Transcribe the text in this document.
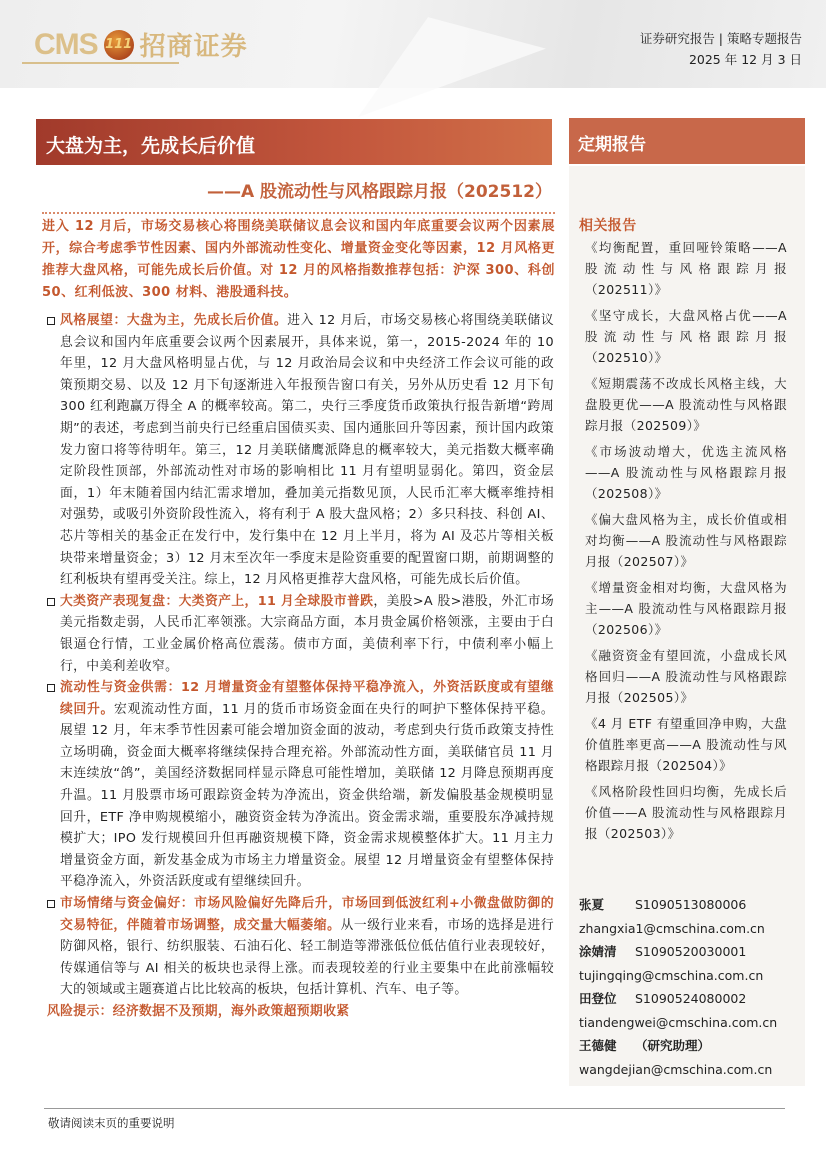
CMS 111 招商证券	证券研究报告 | 策略专题报告
2025 年 12 月 3 日
大盘为主，先成长后价值
——A 股流动性与风格跟踪月报（202512）
定期报告
进入 12 月后，市场交易核心将围绕美联储议息会议和国内年底重要会议两个因素展开，综合考虑季节性因素、国内外部流动性变化、增量资金变化等因素，12 月风格更推荐大盘风格，可能先成长后价值。对 12 月的风格指数推荐包括：沪深 300、科创 50、红利低波、300 材料、港股通科技。
风格展望：大盘为主，先成长后价值。进入 12 月后，市场交易核心将围绕美联储议息会议和国内年底重要会议两个因素展开，具体来说，第一，2015-2024 年的 10 年里，12 月大盘风格明显占优，与 12 月政治局会议和中央经济工作会议可能的政策预期交易、以及 12 月下旬逐渐进入年报预告窗口有关，另外从历史看 12 月下旬 300 红利跑赢万得全 A 的概率较高。第二，央行三季度货币政策执行报告新增“跨周期”的表述，考虑到当前央行已经重启国债买卖、国内通胀回升等因素，预计国内政策发力窗口将等待明年。第三，12 月美联储鹰派降息的概率较大，美元指数大概率确定阶段性顶部，外部流动性对市场的影响相比 11 月有望明显弱化。第四，资金层面，1）年末随着国内结汇需求增加，叠加美元指数见顶，人民币汇率大概率维持相对强势，或吸引外资阶段性流入，将有利于 A 股大盘风格；2）多只科技、科创 AI、芯片等相关的基金正在发行中，发行集中在 12 月上半月，将为 AI 及芯片等相关板块带来增量资金；3）12 月末至次年一季度末是险资重要的配置窗口期，前期调整的红利板块有望再受关注。综上，12 月风格更推荐大盘风格，可能先成长后价值。
大类资产表现复盘：大类资产上，11 月全球股市普跌，美股>A 股>港股，外汇市场美元指数走弱，人民币汇率领涨。大宗商品方面，本月贵金属价格领涨，主要由于白银逼仓行情，工业金属价格高位震荡。债市方面，美债利率下行，中债利率小幅上行，中美利差收窄。
流动性与资金供需：12 月增量资金有望整体保持平稳净流入，外资活跃度或有望继续回升。宏观流动性方面，11 月的货币市场资金面在央行的呵护下整体保持平稳。展望 12 月，年末季节性因素可能会增加资金面的波动，考虑到央行货币政策支持性立场明确，资金面大概率将继续保持合理充裕。外部流动性方面，美联储官员 11 月末连续放“鸽”，美国经济数据同样显示降息可能性增加，美联储 12 月降息预期再度升温。11 月股票市场可跟踪资金转为净流出，资金供给端，新发偏股基金规模明显回升，ETF 净申购规模缩小，融资资金转为净流出。资金需求端，重要股东净减持规模扩大；IPO 发行规模回升但再融资规模下降，资金需求规模整体扩大。11 月主力增量资金方面，新发基金成为市场主力增量资金。展望 12 月增量资金有望整体保持平稳净流入，外资活跃度或有望继续回升。
市场情绪与资金偏好：市场风险偏好先降后升，市场回到低波红利+小微盘做防御的交易特征，伴随着市场调整，成交量大幅萎缩。从一级行业来看，市场的选择是进行防御风格，银行、纺织服装、石油石化、轻工制造等滞涨低位低估值行业表现较好，传媒通信等与 AI 相关的板块也录得上涨。而表现较差的行业主要集中在此前涨幅较大的领域或主题赛道占比比较高的板块，包括计算机、汽车、电子等。
风险提示：经济数据不及预期，海外政策超预期收紧
相关报告
《均衡配置，重回哑铃策略——A 股流动性与风格跟踪月报（202511）》
《坚守成长，大盘风格占优——A 股流动性与风格跟踪月报（202510）》
《短期震荡不改成长风格主线，大盘股更优——A 股流动性与风格跟踪月报（202509）》
《市场波动增大，优选主流风格——A 股流动性与风格跟踪月报（202508）》
《偏大盘风格为主，成长价值或相对均衡——A 股流动性与风格跟踪月报（202507）》
《增量资金相对均衡，大盘风格为主——A 股流动性与风格跟踪月报（202506）》
《融资资金有望回流，小盘成长风格回归——A 股流动性与风格跟踪月报（202505）》
《4 月 ETF 有望重回净申购，大盘价值胜率更高——A 股流动性与风格跟踪月报（202504）》
《风格阶段性回归均衡，先成长后价值——A 股流动性与风格跟踪月报（202503）》
张夏 S1090513080006
zhangxia1@cmschina.com.cn
涂婧清 S1090520030001
tujingqing@cmschina.com.cn
田登位 S1090524080002
tiandengwei@cmschina.com.cn
王德健 （研究助理）
wangdejian@cmschina.com.cn
敬请阅读末页的重要说明
